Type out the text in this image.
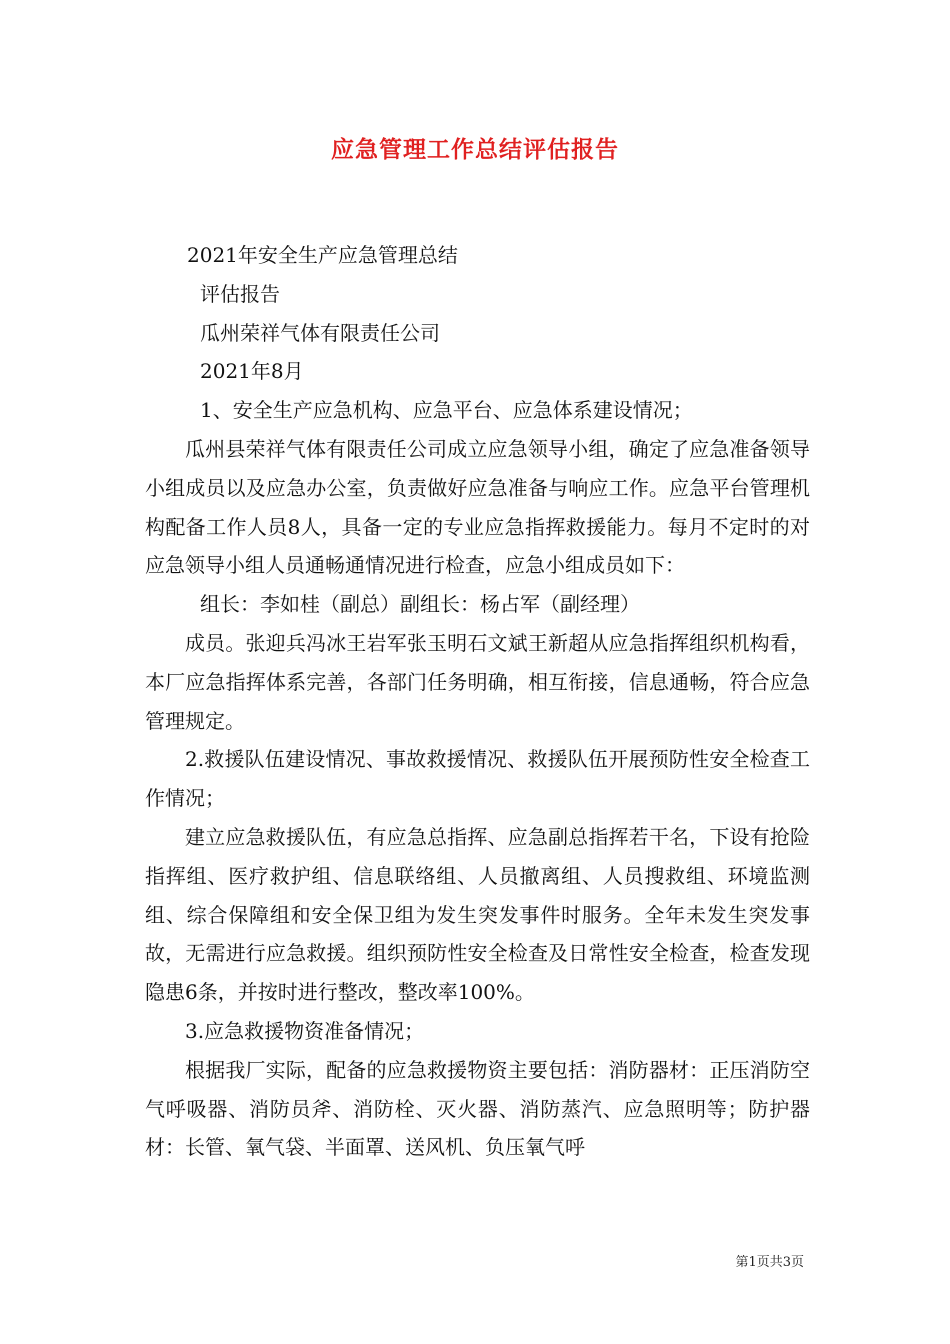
应急管理工作总结评估报告

2021年安全生产应急管理总结

评估报告

瓜州荣祥气体有限责任公司

2021年8月

1、安全生产应急机构、应急平台、应急体系建设情况；

瓜州县荣祥气体有限责任公司成立应急领导小组，确定了应急准备领导小组成员以及应急办公室，负责做好应急准备与响应工作。应急平台管理机构配备工作人员8人，具备一定的专业应急指挥救援能力。每月不定时的对应急领导小组人员通畅通情况进行检查，应急小组成员如下：

组长：李如桂（副总）副组长：杨占军（副经理）

成员。张迎兵冯冰王岩军张玉明石文斌王新超从应急指挥组织机构看，本厂应急指挥体系完善，各部门任务明确，相互衔接，信息通畅，符合应急管理规定。

2.救援队伍建设情况、事故救援情况、救援队伍开展预防性安全检查工作情况；

建立应急救援队伍，有应急总指挥、应急副总指挥若干名，下设有抢险指挥组、医疗救护组、信息联络组、人员撤离组、人员搜救组、环境监测组、综合保障组和安全保卫组为发生突发事件时服务。全年未发生突发事故，无需进行应急救援。组织预防性安全检查及日常性安全检查，检查发现隐患6条，并按时进行整改，整改率100%。

3.应急救援物资准备情况；

根据我厂实际，配备的应急救援物资主要包括：消防器材：正压消防空气呼吸器、消防员斧、消防栓、灭火器、消防蒸汽、应急照明等；防护器材：长管、氧气袋、半面罩、送风机、负压氧气呼

第1页共3页
